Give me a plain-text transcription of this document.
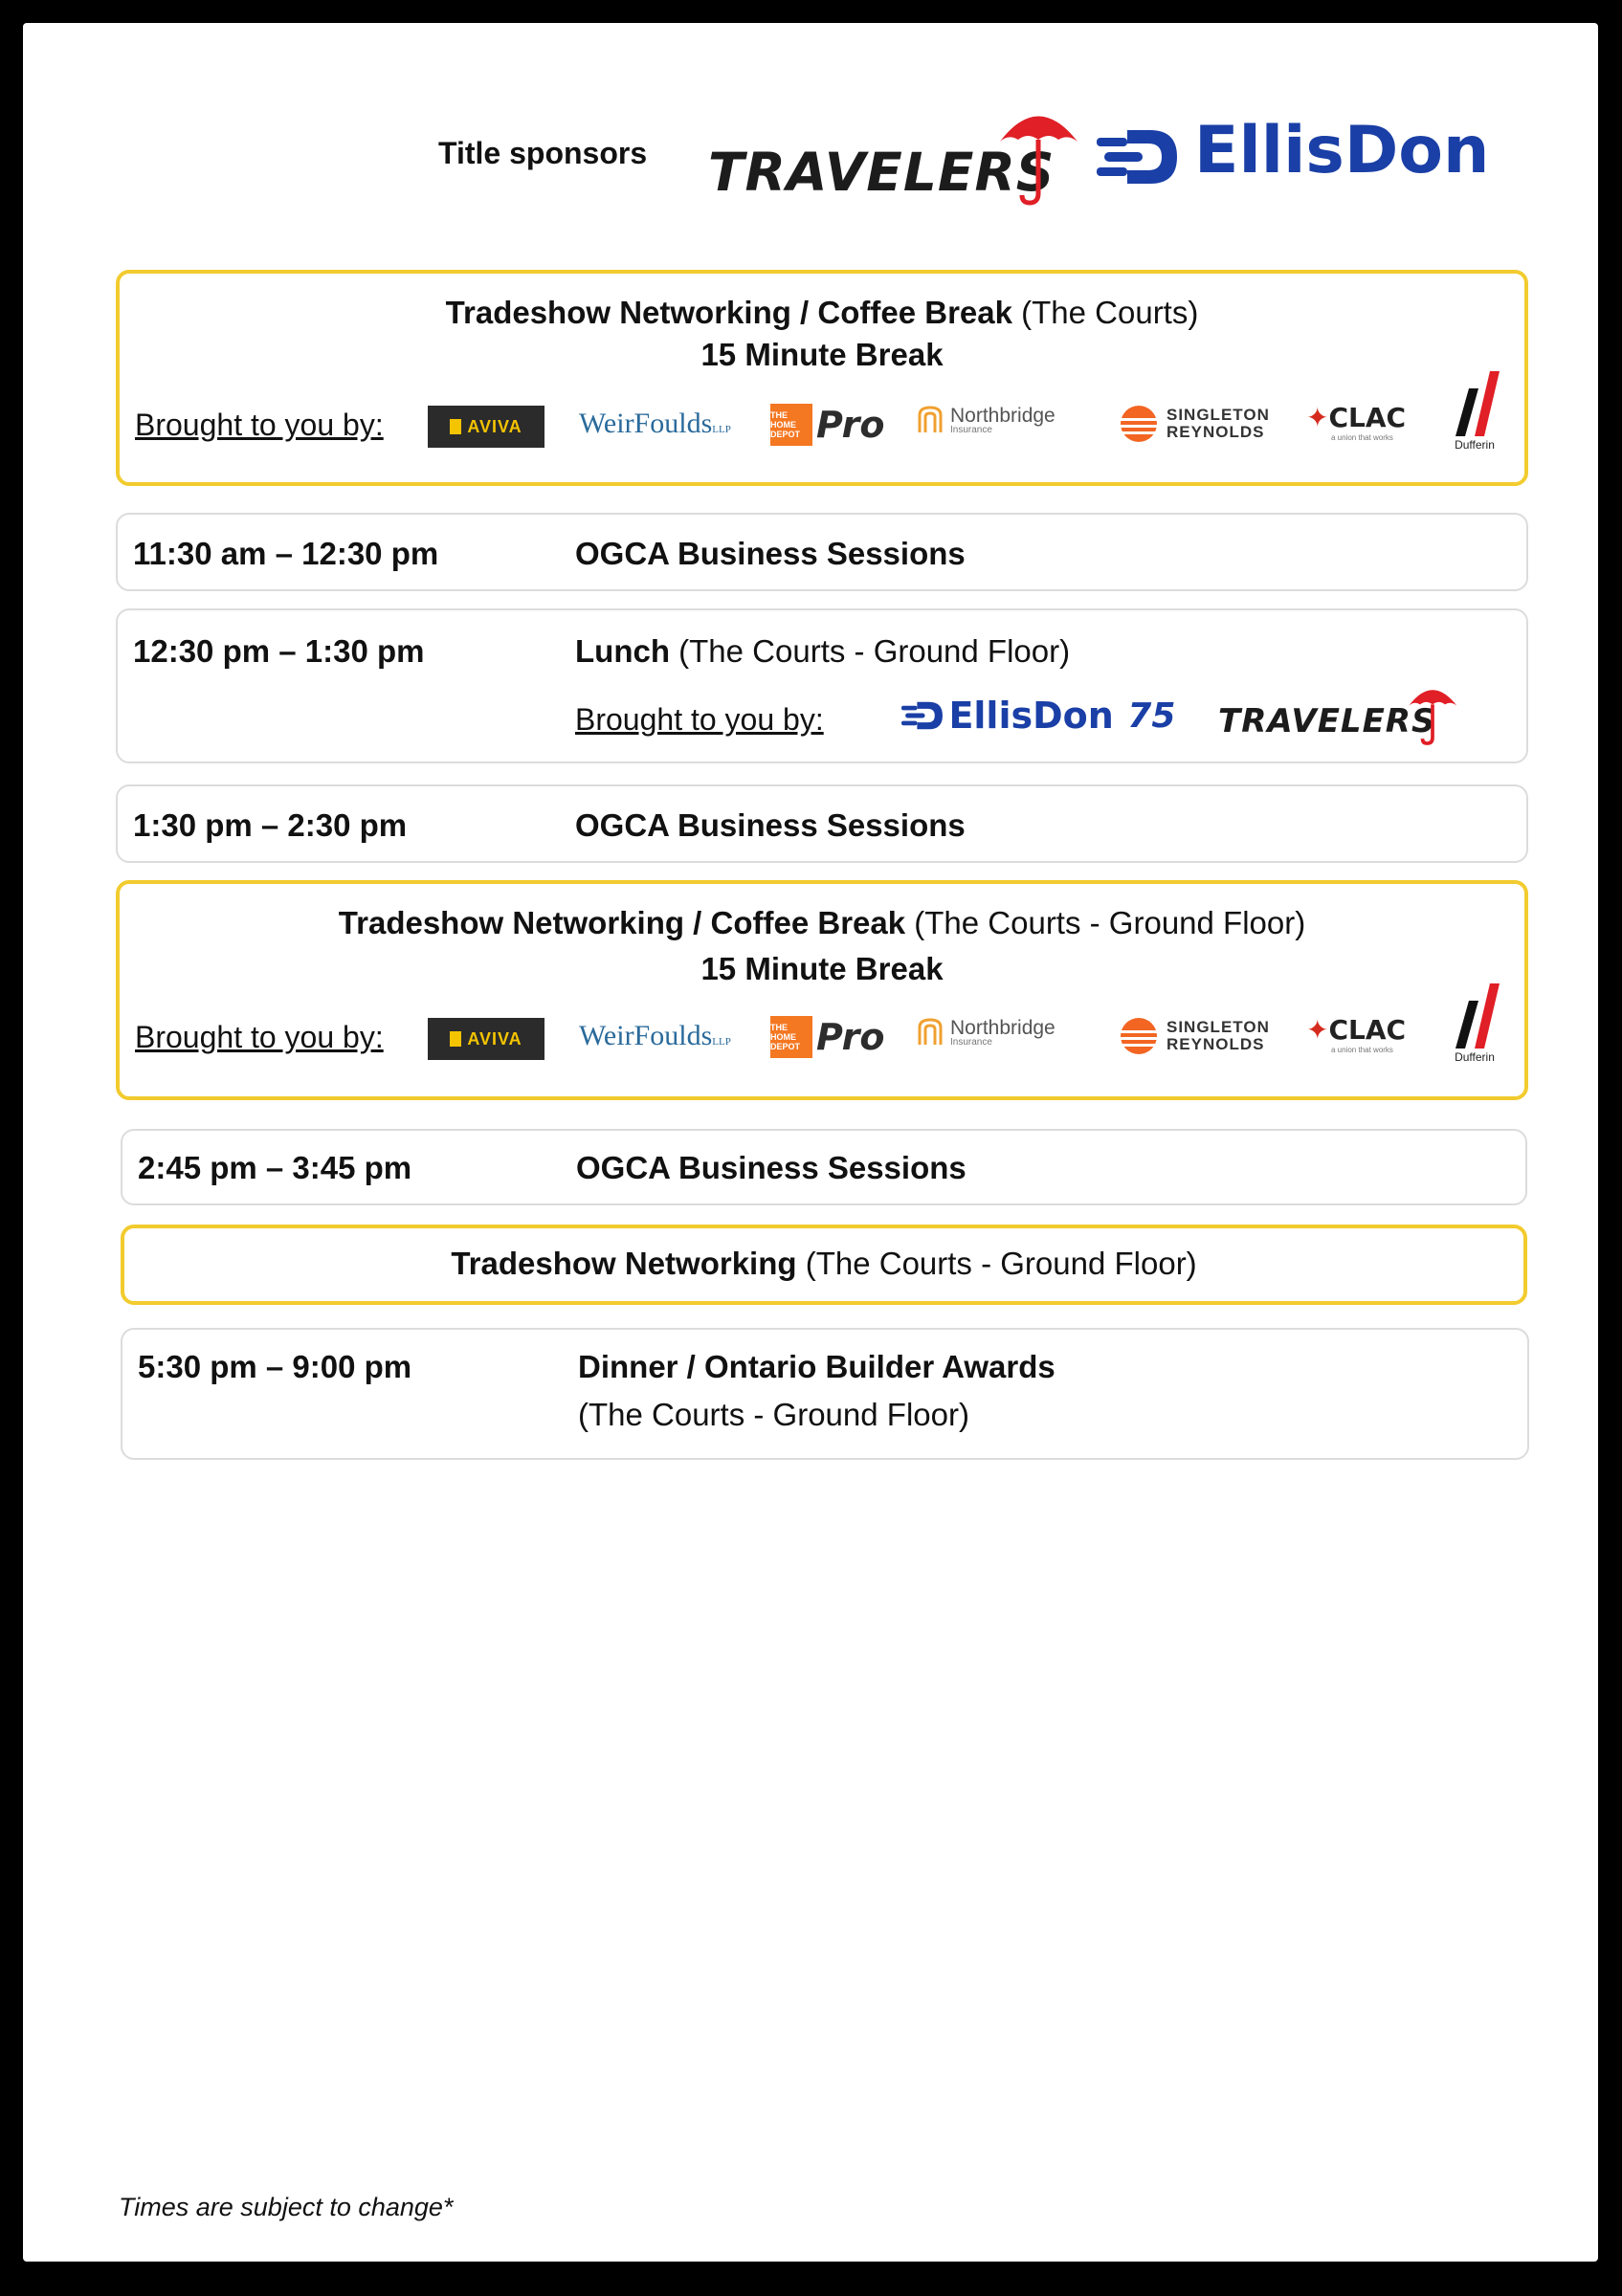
Title sponsors TRAVELERS EllisDon
Tradeshow Networking / Coffee Break (The Courts)
15 Minute Break
Brought to you by:	AVIVA WeirFouldsLLP
THE HOME DEPOT Pro	Northbridge
Insurance
SINGLETON
REYNOLDS ✦CLAC
a union that works
Dufferin
11:30 am – 12:30 pm	OGCA Business Sessions
12:30 pm – 1:30 pm	Lunch (The Courts - Ground Floor)
Brought to you by:	EllisDon 75 TRAVELERS
1:30 pm – 2:30 pm	OGCA Business Sessions
Tradeshow Networking / Coffee Break (The Courts - Ground Floor)
15 Minute Break
Brought to you by:	AVIVA WeirFouldsLLP
THE HOME DEPOT Pro	Northbridge
Insurance
SINGLETON
REYNOLDS ✦CLAC
a union that works
Dufferin
2:45 pm – 3:45 pm	OGCA Business Sessions
Tradeshow Networking (The Courts - Ground Floor)
5:30 pm – 9:00 pm	Dinner / Ontario Builder Awards
(The Courts - Ground Floor)
Times are subject to change*
